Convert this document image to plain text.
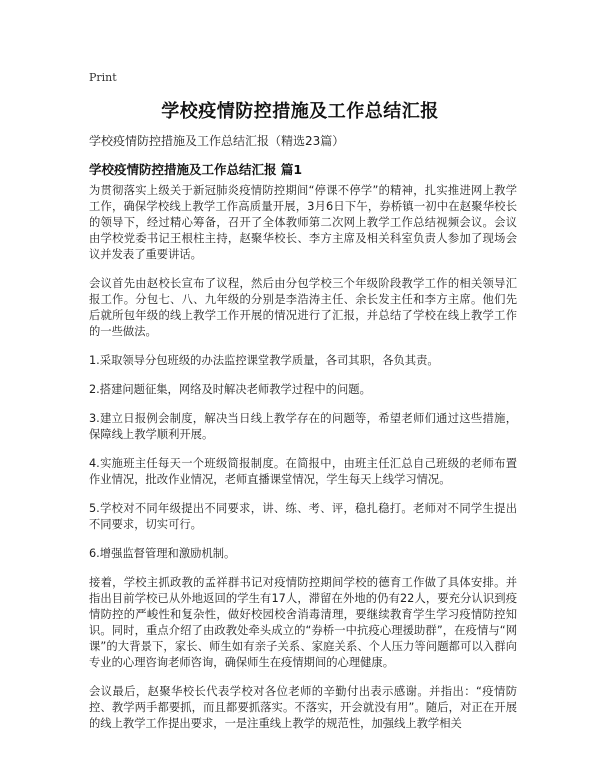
Print
学校疫情防控措施及工作总结汇报
学校疫情防控措施及工作总结汇报（精选23篇）
学校疫情防控措施及工作总结汇报 篇1

为贯彻落实上级关于新冠肺炎疫情防控期间“停课不停学”的精神，扎实推进网上教学工作，确保学校线上教学工作高质量开展，3月6日下午，券桥镇一初中在赵聚华校长的领导下，经过精心筹备，召开了全体教师第二次网上教学工作总结视频会议。会议由学校党委书记王根柱主持，赵聚华校长、李方主席及相关科室负责人参加了现场会议并发表了重要讲话。

会议首先由赵校长宣布了议程，然后由分包学校三个年级阶段教学工作的相关领导汇报工作。分包七、八、九年级的分别是李浩涛主任、余长发主任和李方主席。他们先后就所包年级的线上教学工作开展的情况进行了汇报，并总结了学校在线上教学工作的一些做法。

1.采取领导分包班级的办法监控课堂教学质量，各司其职，各负其责。

2.搭建问题征集，网络及时解决老师教学过程中的问题。

3.建立日报例会制度，解决当日线上教学存在的问题等，希望老师们通过这些措施，保障线上教学顺利开展。

4.实施班主任每天一个班级简报制度。在简报中，由班主任汇总自己班级的老师布置作业情况，批改作业情况，老师直播课堂情况，学生每天上线学习情况。

5.学校对不同年级提出不同要求，讲、练、考、评，稳扎稳打。老师对不同学生提出不同要求，切实可行。

6.增强监督管理和激励机制。

接着，学校主抓政教的孟祥群书记对疫情防控期间学校的德育工作做了具体安排。并指出目前学校已从外地返回的学生有17人，滞留在外地的仍有22人，要充分认识到疫情防控的严峻性和复杂性，做好校园校舍消毒清理，要继续教育学生学习疫情防控知识。同时，重点介绍了由政教处牵头成立的“券桥一中抗疫心理援助群”，在疫情与“网课”的大背景下，家长、师生如有亲子关系、家庭关系、个人压力等问题都可以入群向专业的心理咨询老师咨询，确保师生在疫情期间的心理健康。

会议最后，赵聚华校长代表学校对各位老师的辛勤付出表示感谢。并指出：“疫情防控、教学两手都要抓，而且都要抓落实。不落实，开会就没有用”。随后，对正在开展的线上教学工作提出要求，一是注重线上教学的规范性，加强线上教学相关
